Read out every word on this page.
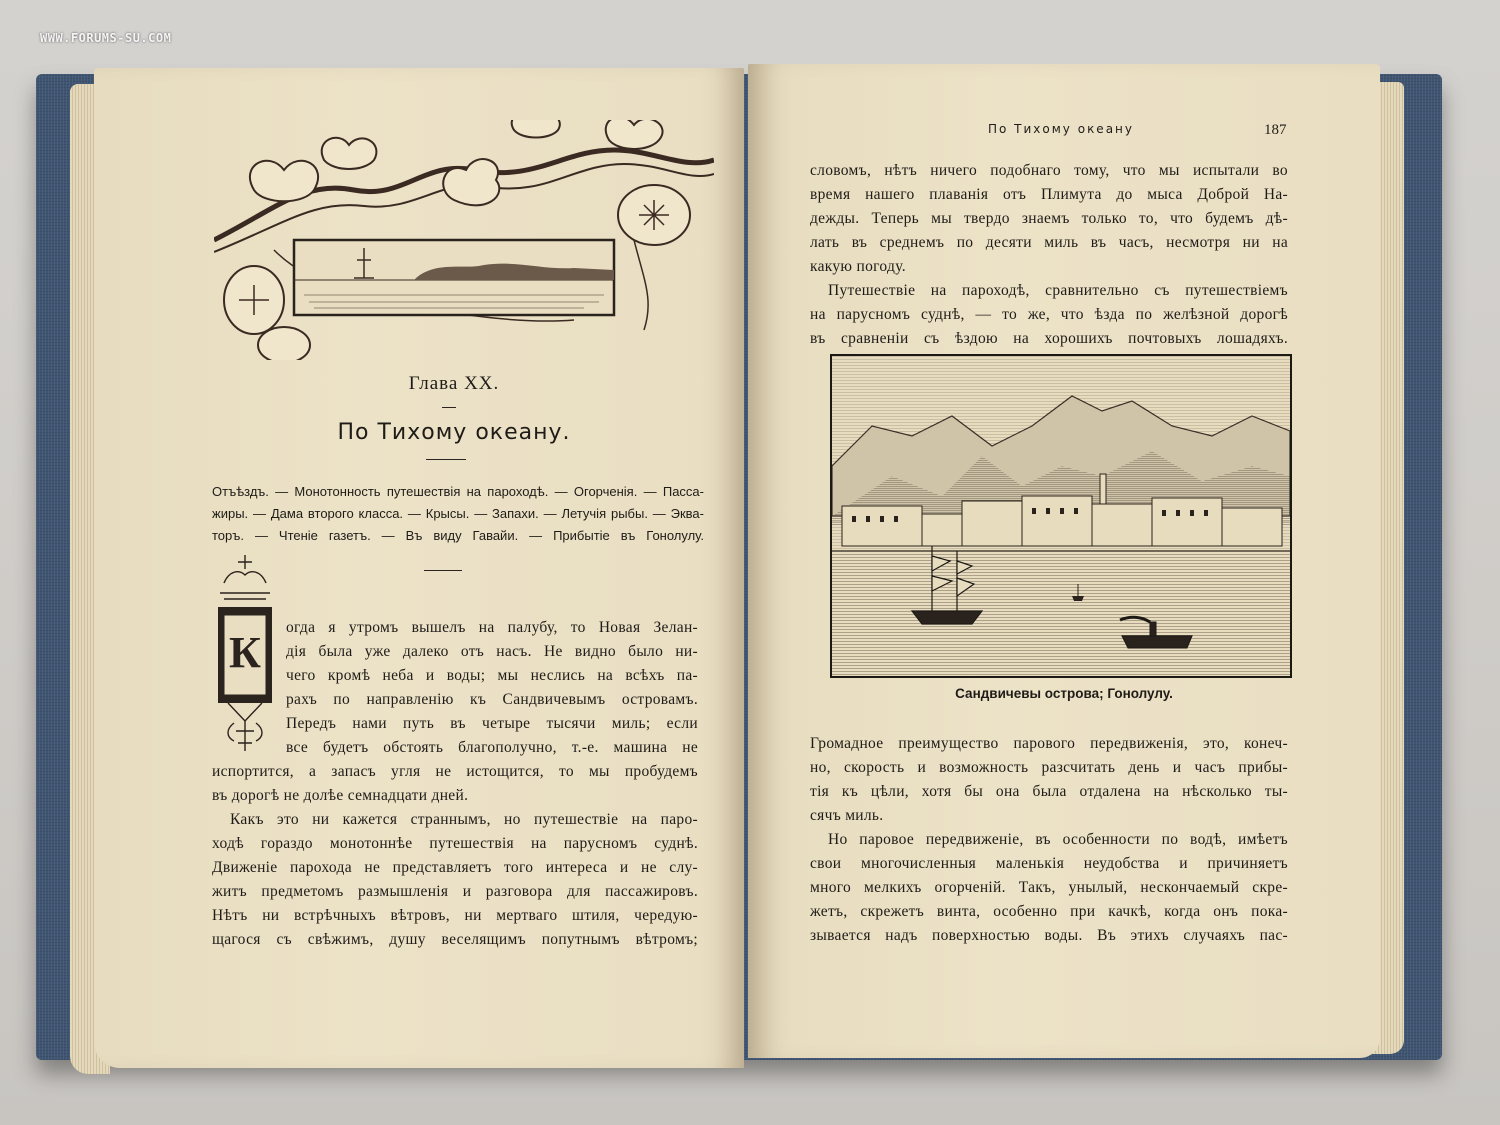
WWW.FORUMS-SU.COM
Глава XX.
По Тихому океану.
Отъѣздъ. — Монотонность путешествія на пароходѣ. — Огорченія. — Пасса-
жиры. — Дама второго класса. — Крысы. — Запахи. — Летучія рыбы. — Эква-
торъ. — Чтеніе газетъ. — Въ виду Гавайи. — Прибытіе въ Гонолулу.
К
огда я утромъ вышелъ на палубу, то Новая Зелан-
дія была уже далеко отъ насъ. Не видно было ни-
чего кромѣ неба и воды; мы неслись на всѣхъ па-
рахъ по направленію къ Сандвичевымъ островамъ.
Передъ нами путь въ четыре тысячи миль; если
все будетъ обстоять благополучно, т.-е. машина не
испортится, а запасъ угля не истощится, то мы пробудемъ
въ дорогѣ не долѣе семнадцати дней.
Какъ это ни кажется страннымъ, но путешествіе на паро-
ходѣ гораздо монотоннѣе путешествія на парусномъ суднѣ.
Движеніе парохода не представляетъ того интереса и не слу-
житъ предметомъ размышленія и разговора для пассажировъ.
Нѣтъ ни встрѣчныхъ вѣтровъ, ни мертваго штиля, чередую-
щагося съ свѣжимъ, душу веселящимъ попутнымъ вѣтромъ;
По Тихому океану	187
словомъ, нѣтъ ничего подобнаго тому, что мы испытали во
время нашего плаванія отъ Плимута до мыса Доброй На-
дежды. Теперь мы твердо знаемъ только то, что будемъ дѣ-
лать въ среднемъ по десяти миль въ часъ, несмотря ни на
какую погоду.
Путешествіе на пароходѣ, сравнительно съ путешествіемъ
на парусномъ суднѣ, — то же, что ѣзда по желѣзной дорогѣ
въ сравненіи съ ѣздою на хорошихъ почтовыхъ лошадяхъ.
Сандвичевы острова; Гонолулу.
Громадное преимущество парового передвиженія, это, конеч-
но, скорость и возможность разсчитать день и часъ прибы-
тія къ цѣли, хотя бы она была отдалена на нѣсколько ты-
сячъ миль.
Но паровое передвиженіе, въ особенности по водѣ, имѣетъ
свои многочисленныя маленькія неудобства и причиняетъ
много мелкихъ огорченій. Такъ, унылый, нескончаемый скре-
жетъ, скрежетъ винта, особенно при качкѣ, когда онъ пока-
зывается надъ поверхностью воды. Въ этихъ случаяхъ пас-
